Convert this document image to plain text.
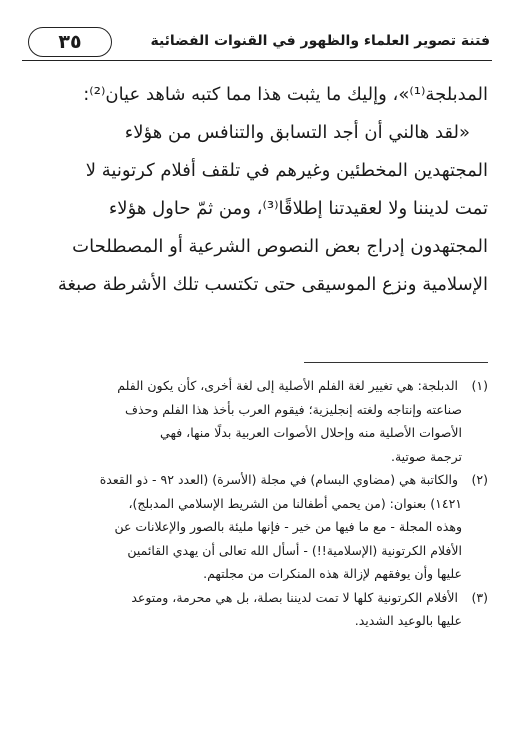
٣٥	فتنة تصوير العلماء والظهور في القنوات الفضائية

المدبلجة⁽¹⁾»، وإليك ما يثبت هذا مما كتبه شاهد عيان⁽²⁾:

«لقد هالني أن أجد التسابق والتنافس من هؤلاء

المجتهدين المخطئين وغيرهم في تلقف أفلام كرتونية لا

تمت لديننا ولا لعقيدتنا إطلاقًا⁽³⁾، ومن ثمّ حاول هؤلاء

المجتهدون إدراج بعض النصوص الشرعية أو المصطلحات

الإسلامية ونزع الموسيقى حتى تكتسب تلك الأشرطة صبغة

(١) الدبلجة: هي تغيير لغة الفلم الأصلية إلى لغة أخرى، كأن يكون الفلم

صناعته وإنتاجه ولغته إنجليزية؛ فيقوم العرب بأخذ هذا الفلم وحذف

الأصوات الأصلية منه وإحلال الأصوات العربية بدلًا منها، فهي

ترجمة صوتية.

(٢) والكاتبة هي (مضاوي البسام) في مجلة (الأسرة) (العدد ٩٢ - ذو القعدة

١٤٢١) بعنوان: (من يحمي أطفالنا من الشريط الإسلامي المدبلج)،

وهذه المجلة - مع ما فيها من خير - فإنها مليئة بالصور والإعلانات عن

الأفلام الكرتونية (الإسلامية!!) - أسأل الله تعالى أن يهدي القائمين

عليها وأن يوفقهم لإزالة هذه المنكرات من مجلتهم.

(٣) الأفلام الكرتونية كلها لا تمت لديننا بصلة، بل هي محرمة، ومتوعد

عليها بالوعيد الشديد.
